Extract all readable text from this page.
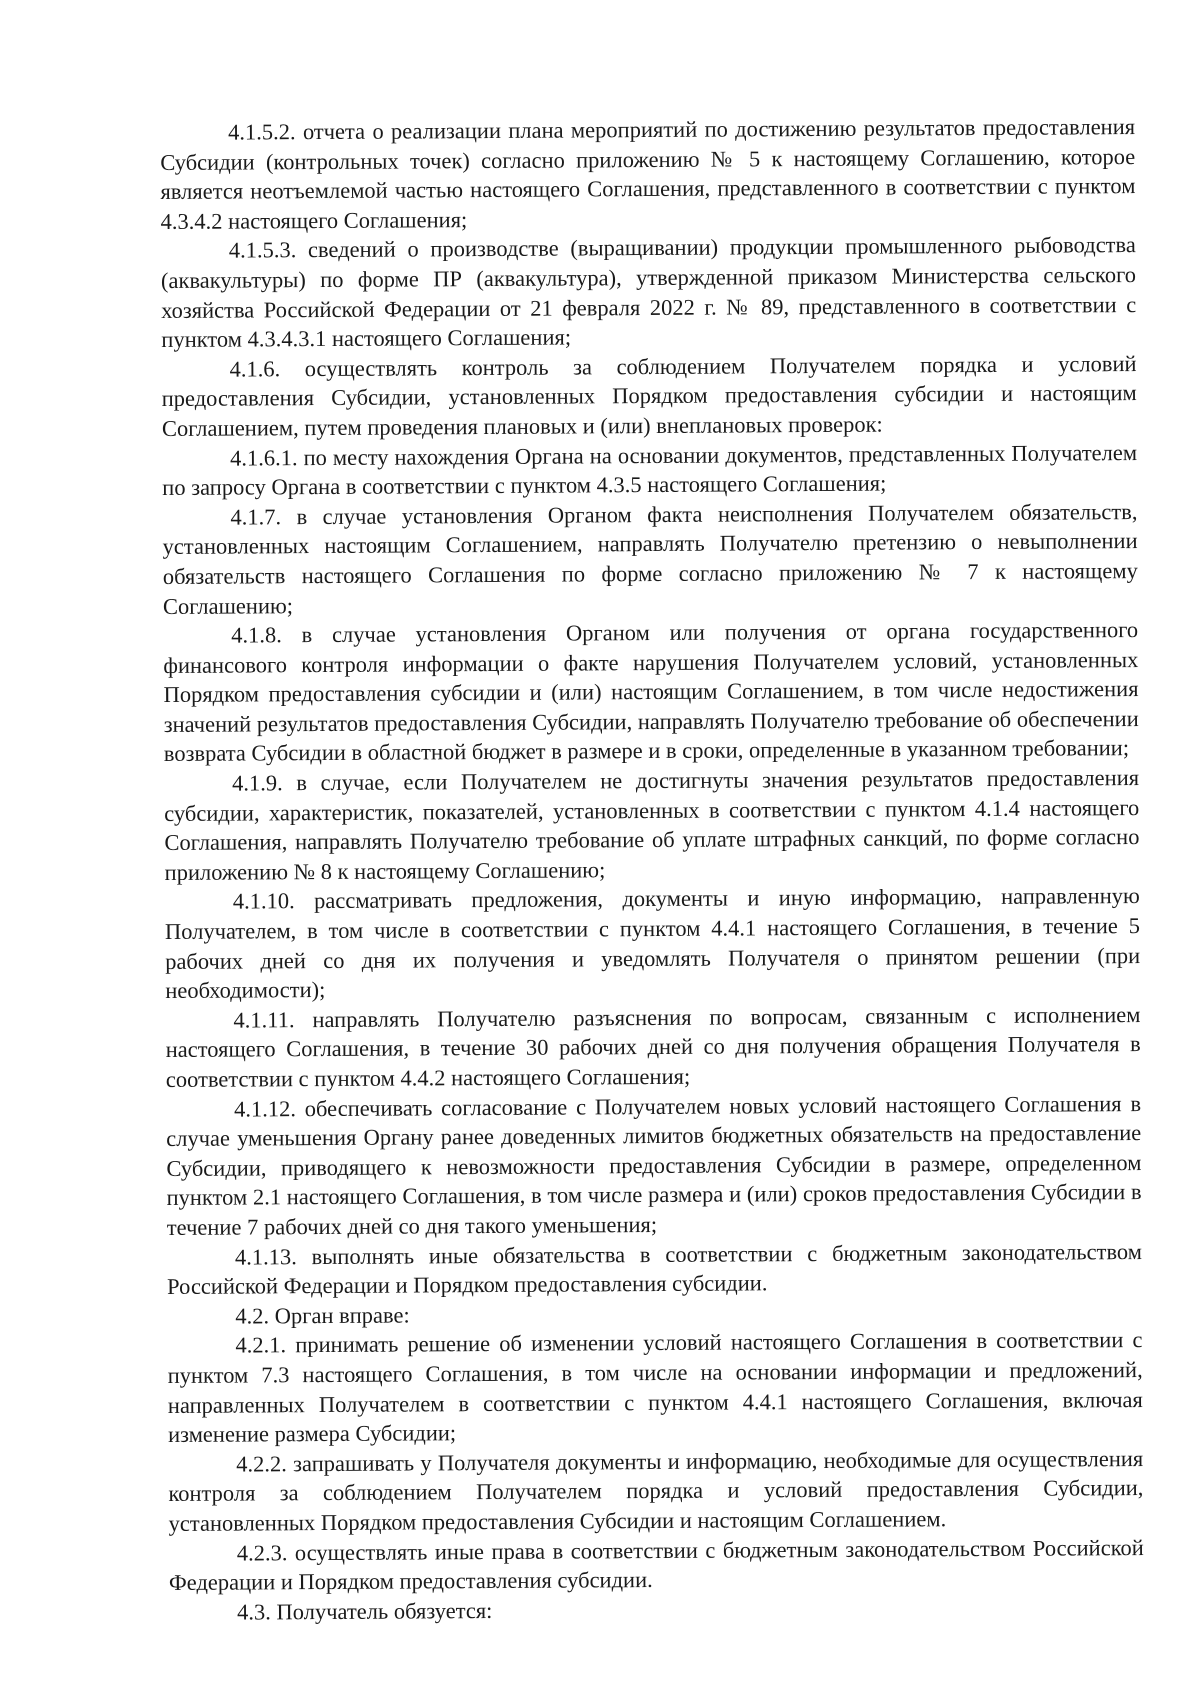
4.1.5.2. отчета о реализации плана мероприятий по достижению результатов предоставления Субсидии (контрольных точек) согласно приложению № 5 к настоящему Соглашению, которое является неотъемлемой частью настоящего Соглашения, представленного в соответствии с пунктом 4.3.4.2 настоящего Соглашения;

4.1.5.3. сведений о производстве (выращивании) продукции промышленного рыбоводства (аквакультуры) по форме ПР (аквакультура), утвержденной приказом Министерства сельского хозяйства Российской Федерации от 21 февраля 2022 г. № 89, представленного в соответствии с пунктом 4.3.4.3.1 настоящего Соглашения;

4.1.6. осуществлять контроль за соблюдением Получателем порядка и условий предоставления Субсидии, установленных Порядком предоставления субсидии и настоящим Соглашением, путем проведения плановых и (или) внеплановых проверок:

4.1.6.1. по месту нахождения Органа на основании документов, представленных Получателем по запросу Органа в соответствии с пунктом 4.3.5 настоящего Соглашения;

4.1.7. в случае установления Органом факта неисполнения Получателем обязательств, установленных настоящим Соглашением, направлять Получателю претензию о невыполнении обязательств настоящего Соглашения по форме согласно приложению № 7 к настоящему Соглашению;

4.1.8. в случае установления Органом или получения от органа государственного финансового контроля информации о факте нарушения Получателем условий, установленных Порядком предоставления субсидии и (или) настоящим Соглашением, в том числе недостижения значений результатов предоставления Субсидии, направлять Получателю требование об обеспечении возврата Субсидии в областной бюджет в размере и в сроки, определенные в указанном требовании;

4.1.9. в случае, если Получателем не достигнуты значения результатов предоставления субсидии, характеристик, показателей, установленных в соответствии с пунктом 4.1.4 настоящего Соглашения, направлять Получателю требование об уплате штрафных санкций, по форме согласно приложению № 8 к настоящему Соглашению;

4.1.10. рассматривать предложения, документы и иную информацию, направленную Получателем, в том числе в соответствии с пунктом 4.4.1 настоящего Соглашения, в течение 5 рабочих дней со дня их получения и уведомлять Получателя о принятом решении (при необходимости);

4.1.11. направлять Получателю разъяснения по вопросам, связанным с исполнением настоящего Соглашения, в течение 30 рабочих дней со дня получения обращения Получателя в соответствии с пунктом 4.4.2 настоящего Соглашения;

4.1.12. обеспечивать согласование с Получателем новых условий настоящего Соглашения в случае уменьшения Органу ранее доведенных лимитов бюджетных обязательств на предоставление Субсидии, приводящего к невозможности предоставления Субсидии в размере, определенном пунктом 2.1 настоящего Соглашения, в том числе размера и (или) сроков предоставления Субсидии в течение 7 рабочих дней со дня такого уменьшения;

4.1.13. выполнять иные обязательства в соответствии с бюджетным законодательством Российской Федерации и Порядком предоставления субсидии.

4.2. Орган вправе:

4.2.1. принимать решение об изменении условий настоящего Соглашения в соответствии с пунктом 7.3 настоящего Соглашения, в том числе на основании информации и предложений, направленных Получателем в соответствии с пунктом 4.4.1 настоящего Соглашения, включая изменение размера Субсидии;

4.2.2. запрашивать у Получателя документы и информацию, необходимые для осуществления контроля за соблюдением Получателем порядка и условий предоставления Субсидии, установленных Порядком предоставления Субсидии и настоящим Соглашением.

4.2.3. осуществлять иные права в соответствии с бюджетным законодательством Российской Федерации и Порядком предоставления субсидии.

4.3. Получатель обязуется:
